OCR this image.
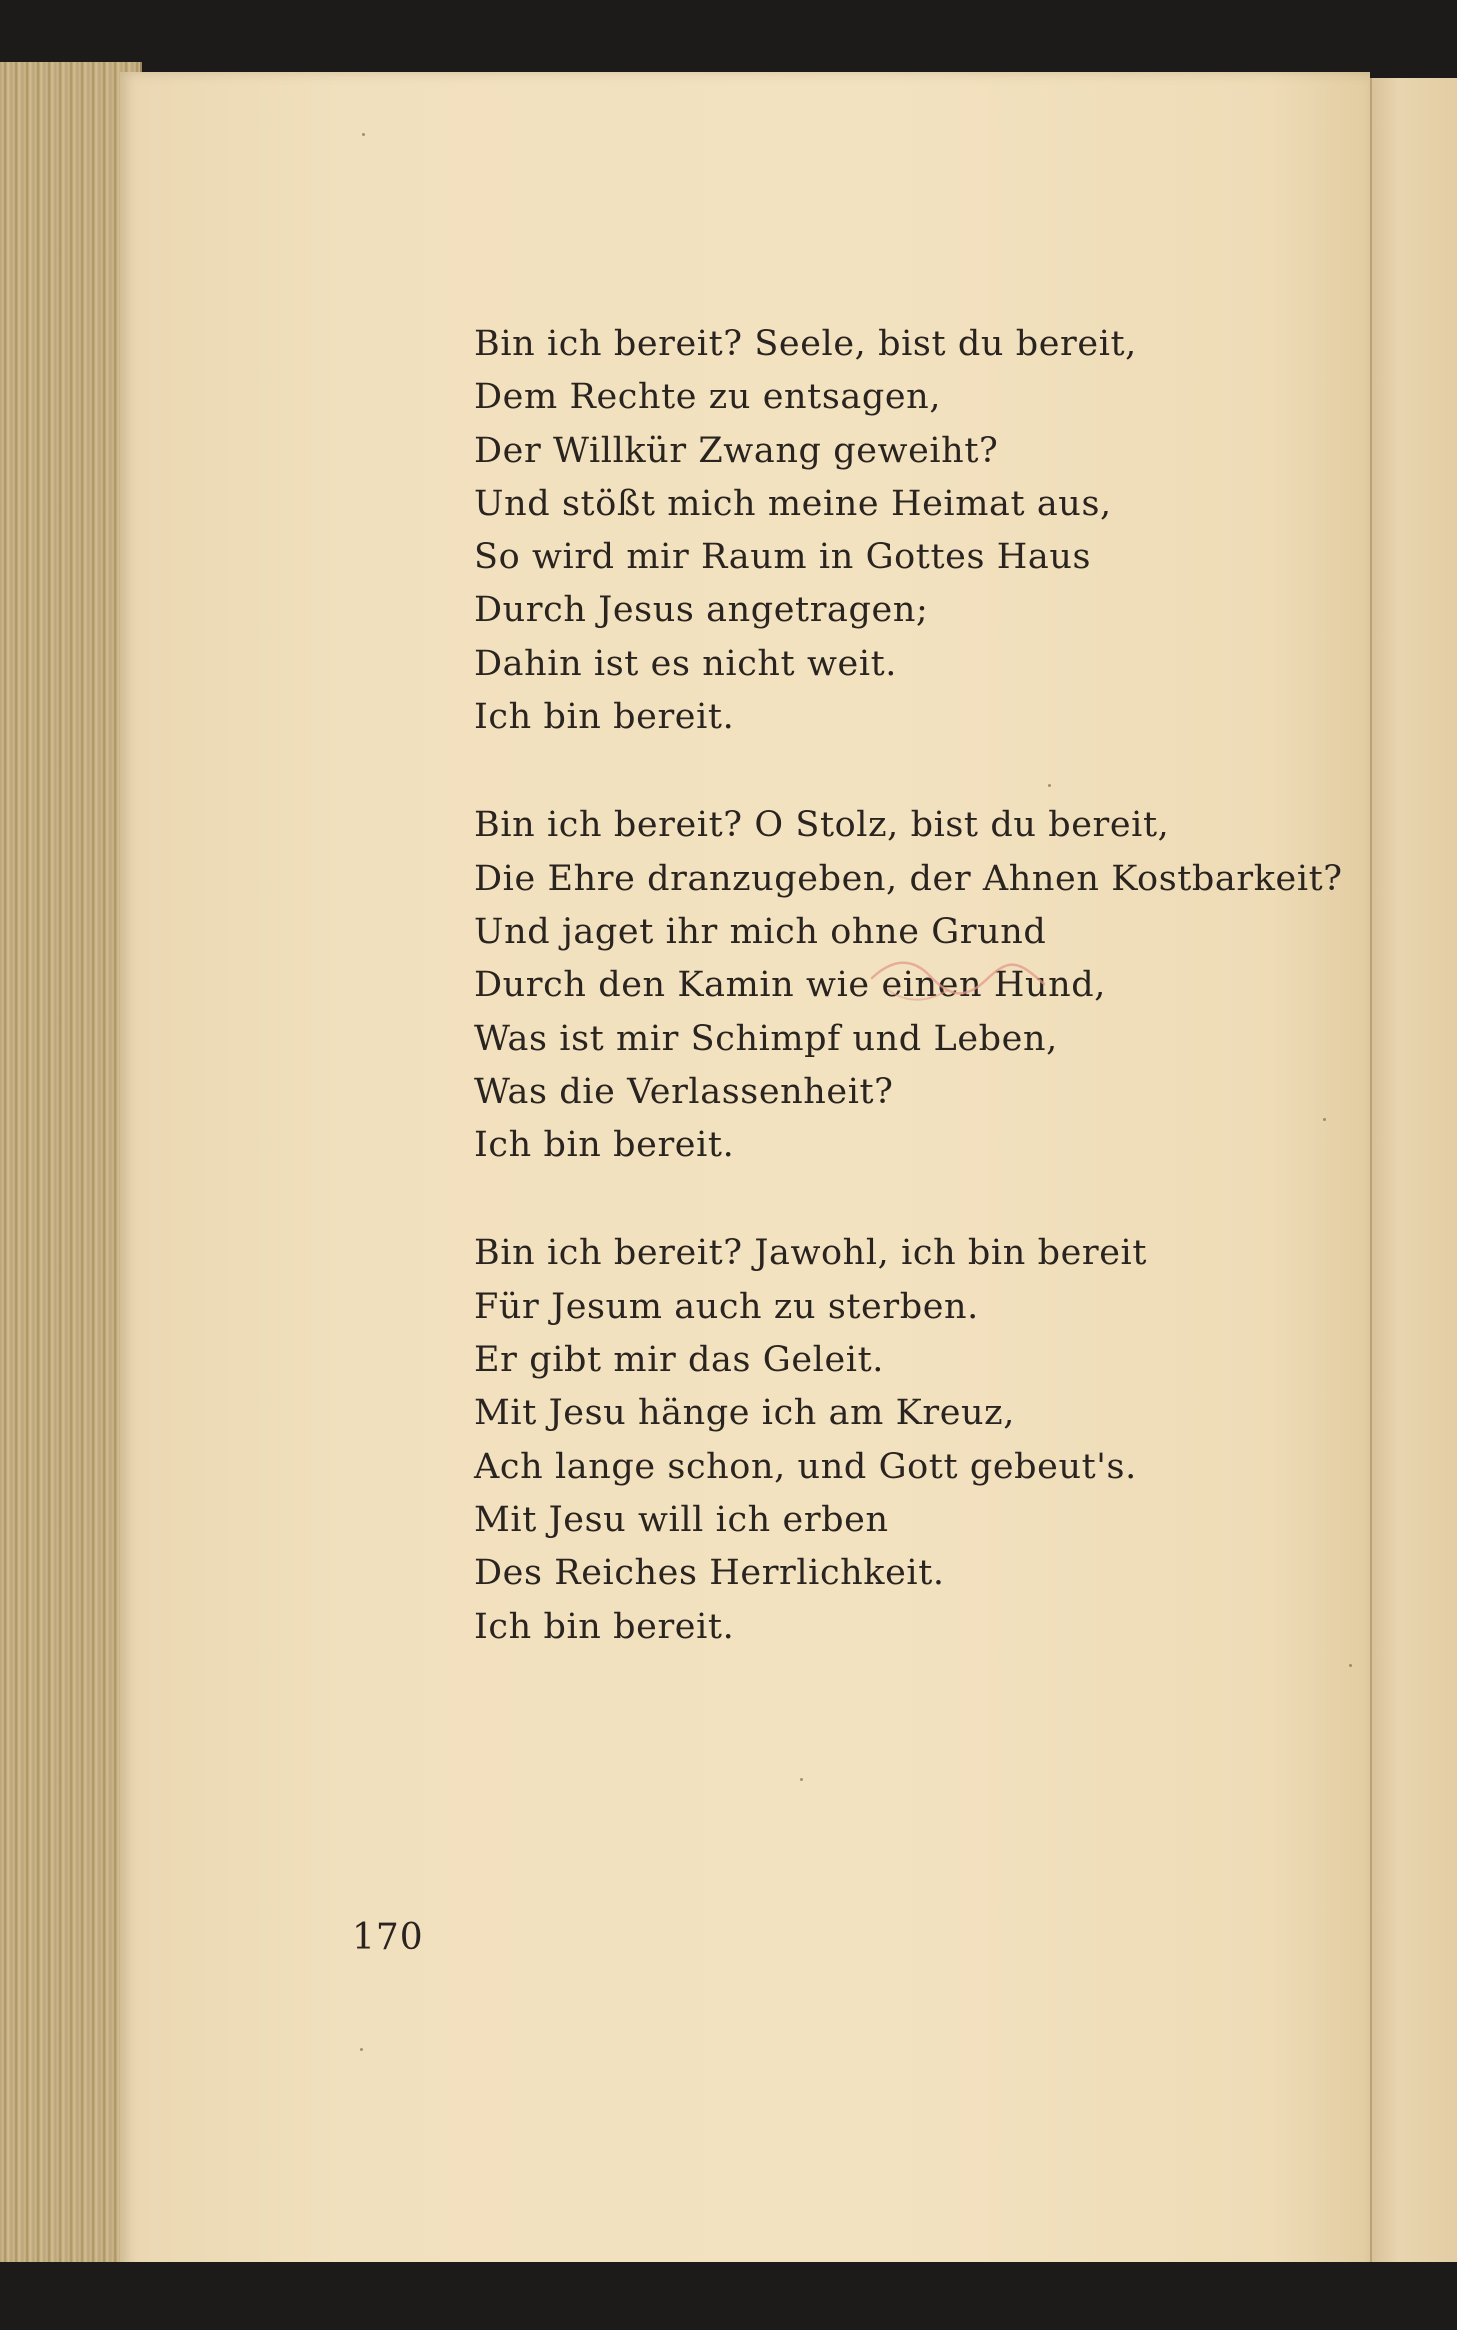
Bin ich bereit? Seele, bist du bereit,
Dem Rechte zu entsagen,
Der Willkür Zwang geweiht?
Und stößt mich meine Heimat aus,
So wird mir Raum in Gottes Haus
Durch Jesus angetragen;
Dahin ist es nicht weit.
Ich bin bereit.
Bin ich bereit? O Stolz, bist du bereit,
Die Ehre dranzugeben, der Ahnen Kostbarkeit?
Und jaget ihr mich ohne Grund
Durch den Kamin wie einen Hund,
Was ist mir Schimpf und Leben,
Was die Verlassenheit?
Ich bin bereit.
Bin ich bereit? Jawohl, ich bin bereit
Für Jesum auch zu sterben.
Er gibt mir das Geleit.
Mit Jesu hänge ich am Kreuz,
Ach lange schon, und Gott gebeut's.
Mit Jesu will ich erben
Des Reiches Herrlichkeit.
Ich bin bereit.
170
